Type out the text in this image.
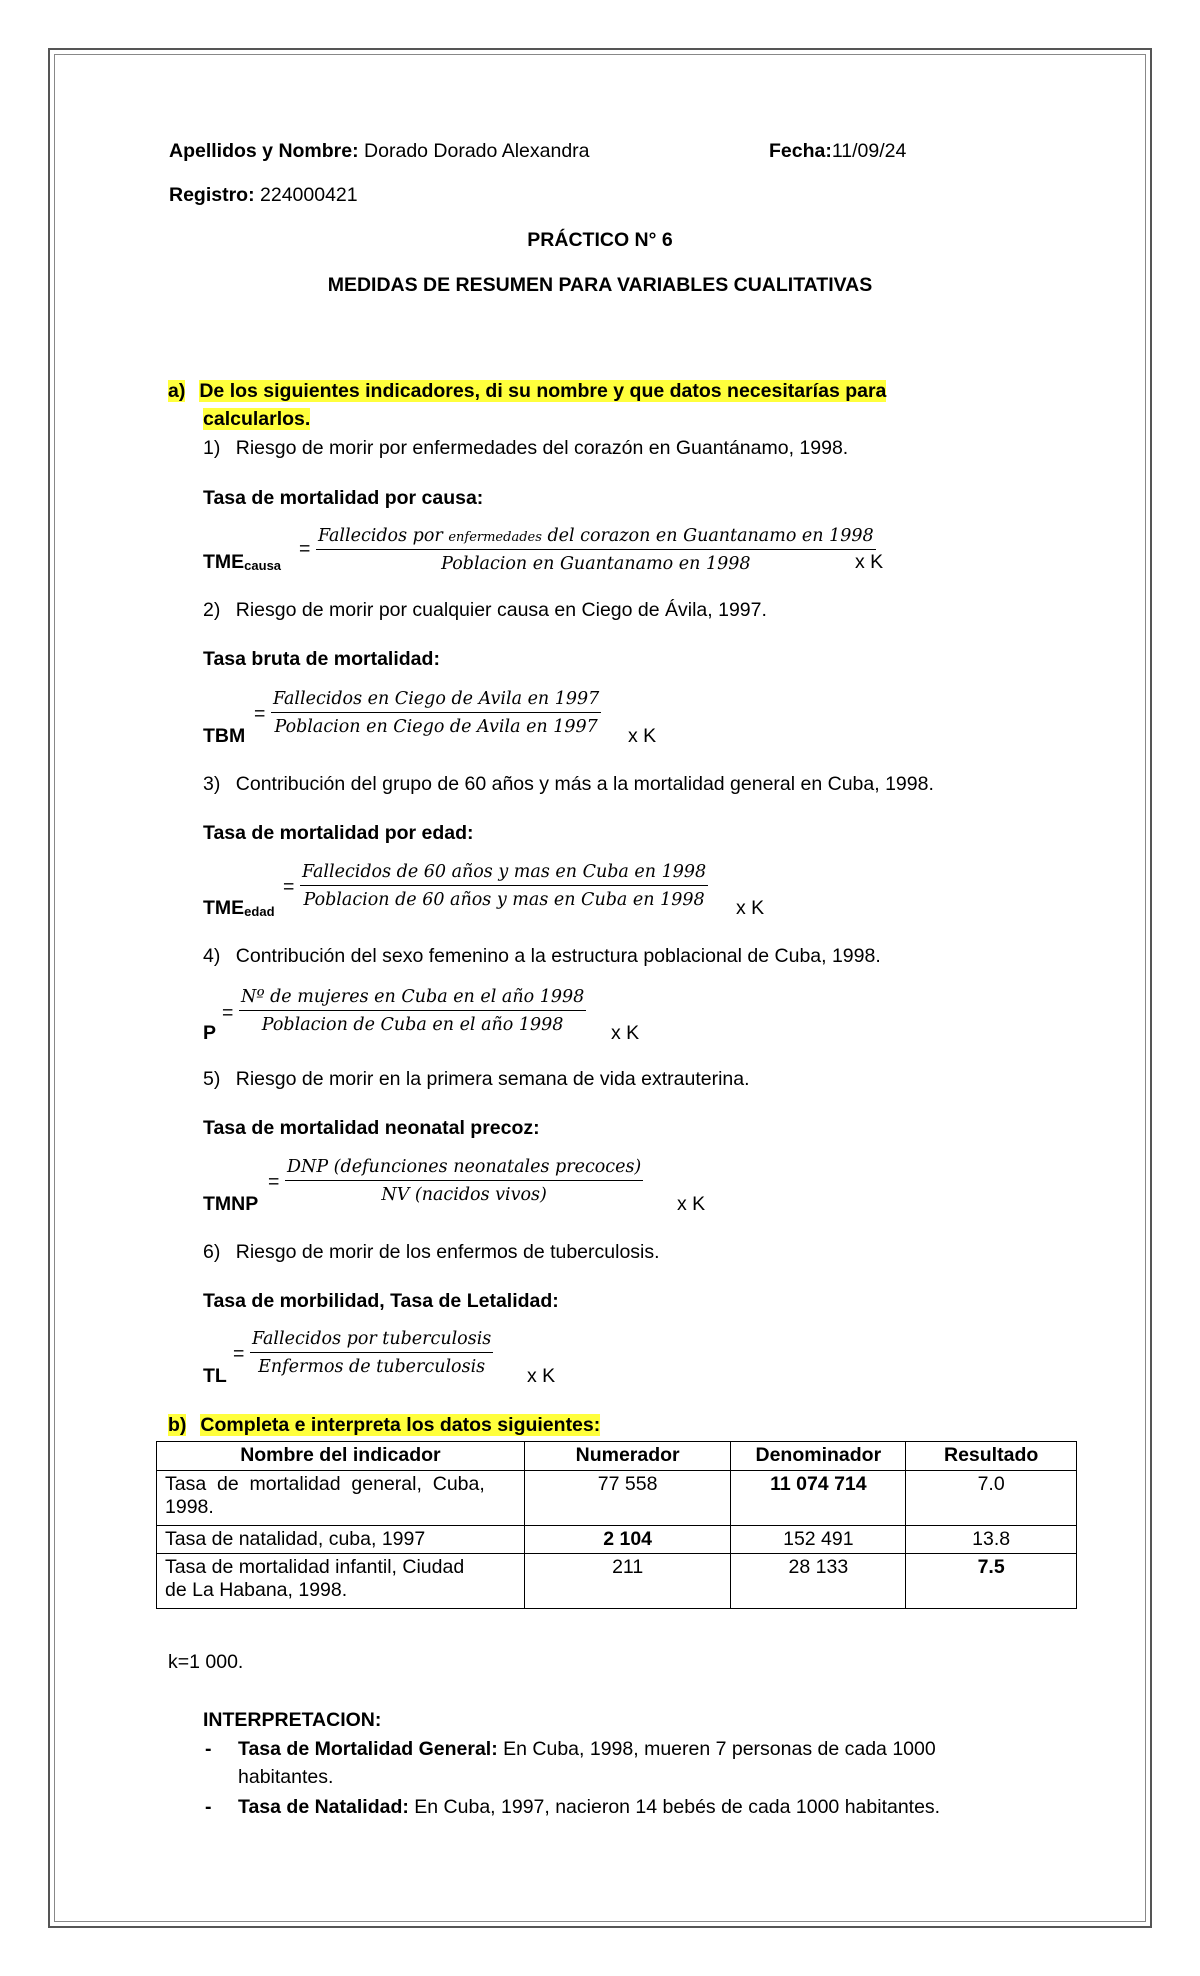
Apellidos y Nombre: Dorado Dorado Alexandra	Fecha:11/09/24
Registro: 224000421
PRÁCTICO N° 6
MEDIDAS DE RESUMEN PARA VARIABLES CUALITATIVAS
a) De los siguientes indicadores, di su nombre y que datos necesitarías para
calcularlos.
1) Riesgo de morir por enfermedades del corazón en Guantánamo, 1998.
Tasa de mortalidad por causa:
$TME_{causa}$
=
Fallecidos por enfermedades del corazon en Guantanamo en 1998
Poblacion en Guantanamo en 1998	x K
2) Riesgo de morir por cualquier causa en Ciego de Ávila, 1997.
Tasa bruta de mortalidad:
TBM
=
Fallecidos en Ciego de Avila en 1997
Poblacion en Ciego de Avila en 1997 x K
3) Contribución del grupo de 60 años y más a la mortalidad general en Cuba, 1998.
Tasa de mortalidad por edad:
$TME_{edad}$
=
Fallecidos de 60 años y mas en Cuba en 1998
Poblacion de 60 años y mas en Cuba en 1998 x K
4) Contribución del sexo femenino a la estructura poblacional de Cuba, 1998.
P
=
Nº de mujeres en Cuba en el año 1998
Poblacion de Cuba en el año 1998	x K
5) Riesgo de morir en la primera semana de vida extrauterina.
Tasa de mortalidad neonatal precoz:
TMNP
=
DNP (defunciones neonatales precoces)
NV (nacidos vivos)	x K
6) Riesgo de morir de los enfermos de tuberculosis.
Tasa de morbilidad, Tasa de Letalidad:
TL
=
Fallecidos por tuberculosis
Enfermos de tuberculosis	x K
b) Completa e interpreta los datos siguientes:
Nombre del indicador	Numerador	Denominador	Resultado

Tasa  de  mortalidad  general,  Cuba,
1998.	77 558	11 074 714	7.0
Tasa de natalidad, cuba, 1997	2 104	152 491	13.8

Tasa de mortalidad infantil, Ciudad
de La Habana, 1998.	211	28 133	7.5
k=1 000.
INTERPRETACION:
- Tasa de Mortalidad General: En Cuba, 1998, mueren 7 personas de cada 1000
habitantes.
- Tasa de Natalidad: En Cuba, 1997, nacieron 14 bebés de cada 1000 habitantes.
